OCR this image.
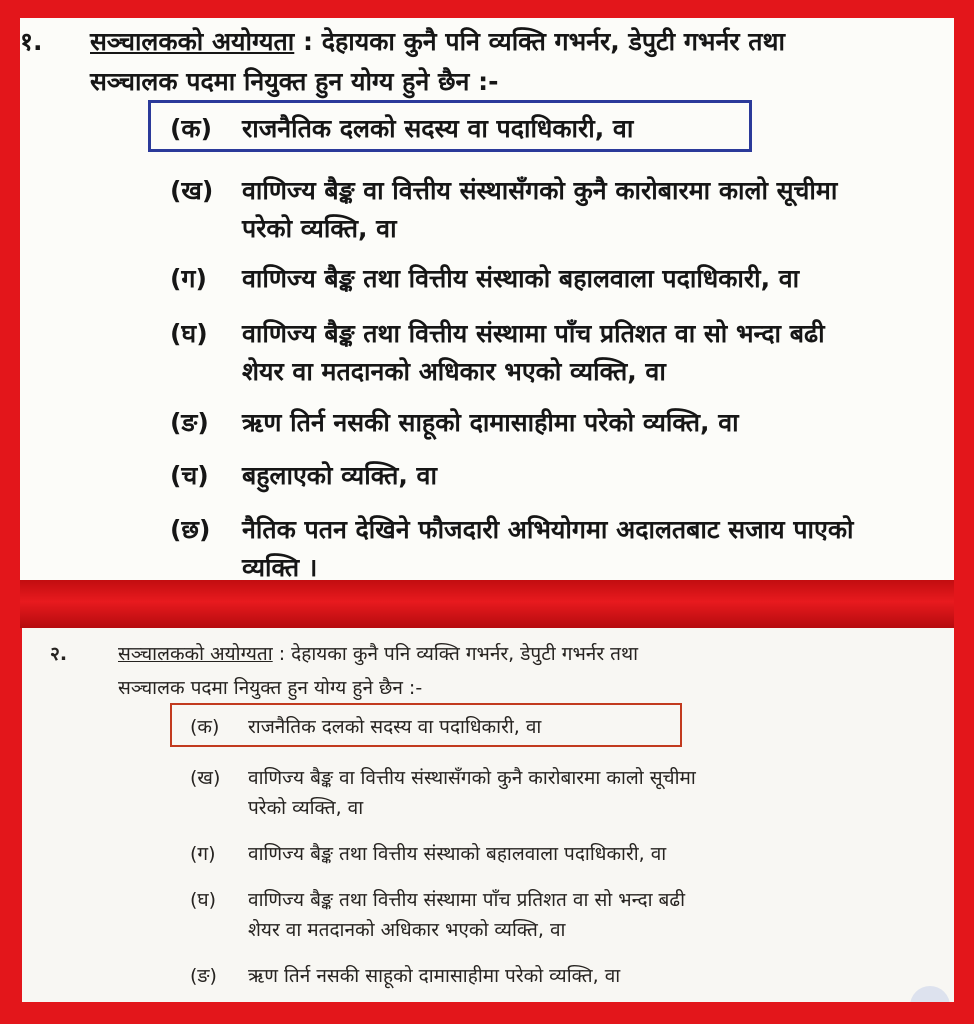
१. सञ्चालकको अयोग्यता : देहायका कुनै पनि व्यक्ति गभर्नर, डेपुटी गभर्नर तथा
सञ्चालक पदमा नियुक्त हुन योग्य हुने छैन :-
(क) राजनैतिक दलको सदस्य वा पदाधिकारी, वा
(ख) वाणिज्य बैङ्क वा वित्तीय संस्थासँगको कुनै कारोबारमा कालो सूचीमा
परेको व्यक्ति, वा
(ग) वाणिज्य बैङ्क तथा वित्तीय संस्थाको बहालवाला पदाधिकारी, वा
(घ) वाणिज्य बैङ्क तथा वित्तीय संस्थामा पाँच प्रतिशत वा सो भन्दा बढी
शेयर वा मतदानको अधिकार भएको व्यक्ति, वा
(ङ) ऋण तिर्न नसकी साहूको दामासाहीमा परेको व्यक्ति, वा
(च) बहुलाएको व्यक्ति, वा
(छ) नैतिक पतन देखिने फौजदारी अभियोगमा अदालतबाट सजाय पाएको
व्यक्ति ।
२.	सञ्चालकको अयोग्यता : देहायका कुनै पनि व्यक्ति गभर्नर, डेपुटी गभर्नर तथा
सञ्चालक पदमा नियुक्त हुन योग्य हुने छैन :-
(क) राजनैतिक दलको सदस्य वा पदाधिकारी, वा
(ख) वाणिज्य बैङ्क वा वित्तीय संस्थासँगको कुनै कारोबारमा कालो सूचीमा
परेको व्यक्ति, वा
(ग) वाणिज्य बैङ्क तथा वित्तीय संस्थाको बहालवाला पदाधिकारी, वा
(घ) वाणिज्य बैङ्क तथा वित्तीय संस्थामा पाँच प्रतिशत वा सो भन्दा बढी
शेयर वा मतदानको अधिकार भएको व्यक्ति, वा
(ङ) ऋण तिर्न नसकी साहूको दामासाहीमा परेको व्यक्ति, वा
